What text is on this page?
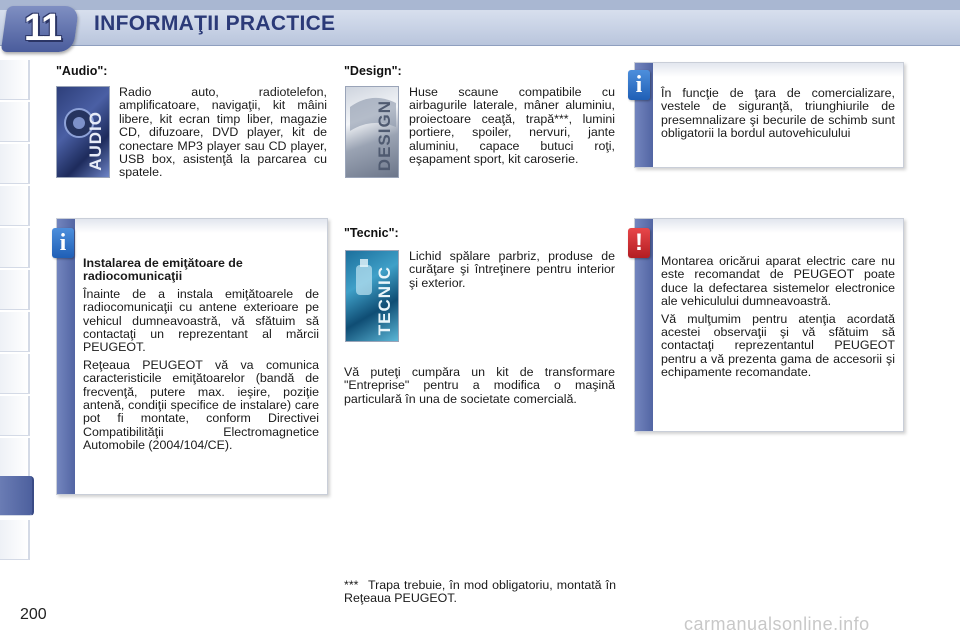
11	INFORMAŢII PRACTICE
"Audio":
AUDIO
Radio auto, radiotelefon, amplificatoare, navigaţii, kit mâini libere, kit ecran timp liber, magazie CD, difuzoare, DVD player, kit de conectare MP3 player sau CD player, USB box, asistenţă la parcarea cu spatele.
"Design":
DESIGN
Huse scaune compatibile cu airbagurile laterale, mâner aluminiu, proiectoare ceaţă, trapă***, lumini portiere, spoiler, nervuri, jante aluminiu, capace butuci roţi, eşapament sport, kit caroserie.
În funcţie de ţara de comercializare, vestele de siguranţă, triunghiurile de presemnalizare şi becurile de schimb sunt obligatorii la bordul autovehiculului
i

Instalarea de emiţătoare de radiocomunicaţii

Înainte de a instala emiţătoarele de radiocomunicaţii cu antene exterioare pe vehicul dumneavoastră, vă sfătuim să contactaţi un reprezentant al mărcii PEUGEOT.

Reţeaua PEUGEOT vă va comunica caracteristicile emiţătoarelor (bandă de frecvenţă, putere max. ieşire, poziţie antenă, condiţii specifice de instalare) care pot fi montate, conform Directivei Compatibilităţii Electromagnetice Automobile (2004/104/CE).

i	"Tecnic":
TECNIC
Lichid spălare parbriz, produse de curăţare şi întreţinere pentru interior şi exterior.
Vă puteţi cumpăra un kit de transformare "Entreprise" pentru a modifica o maşină particulară în una de societate comercială.

Montarea oricărui aparat electric care nu este recomandat de PEUGEOT poate duce la defectarea sistemelor electronice ale vehiculului dumneavoastră.

Vă mulţumim pentru atenţia acordată acestei observaţii şi vă sfătuim să contactaţi reprezentantul PEUGEOT pentru a vă prezenta gama de accesorii şi echipamente recomandate.

!
*** Trapa trebuie, în mod obligatoriu, montată în Reţeaua PEUGEOT.
200	carmanualsonline.info
